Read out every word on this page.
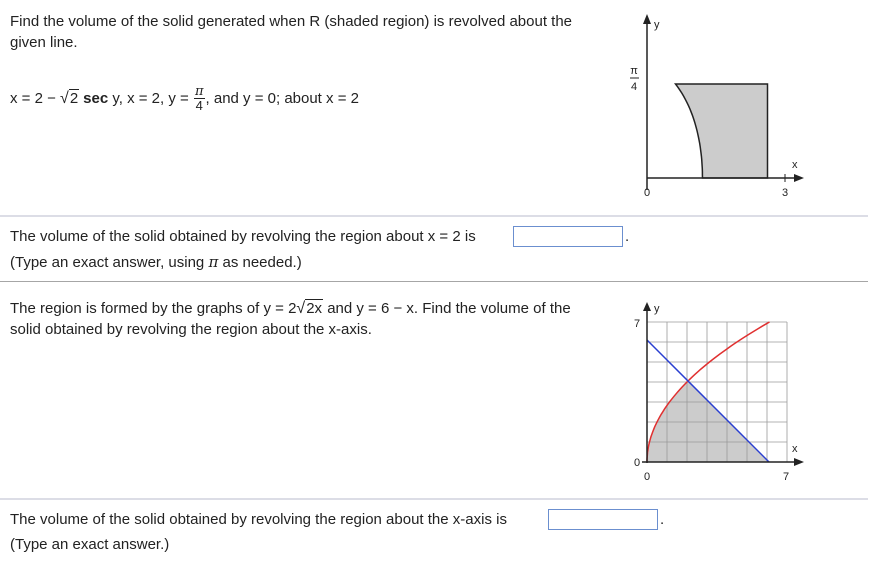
Find the volume of the solid generated when R (shaded region) is revolved about the
given line.
x = 2 − √2 sec y, x = 2, $y = \frac{\pi}{4}$ , and y = 0; about x = 2
y
x
π
4
0	3
The volume of the solid obtained by revolving the region about x = 2 is	.
(Type an exact answer, using π as needed.)
The region is formed by the graphs of y = 2 √2x and y = 6 − x. Find the volume of the
solid obtained by revolving the region about the x-axis.
y
x
7
0
0	7
The volume of the solid obtained by revolving the region about the x-axis is	.
(Type an exact answer.)
